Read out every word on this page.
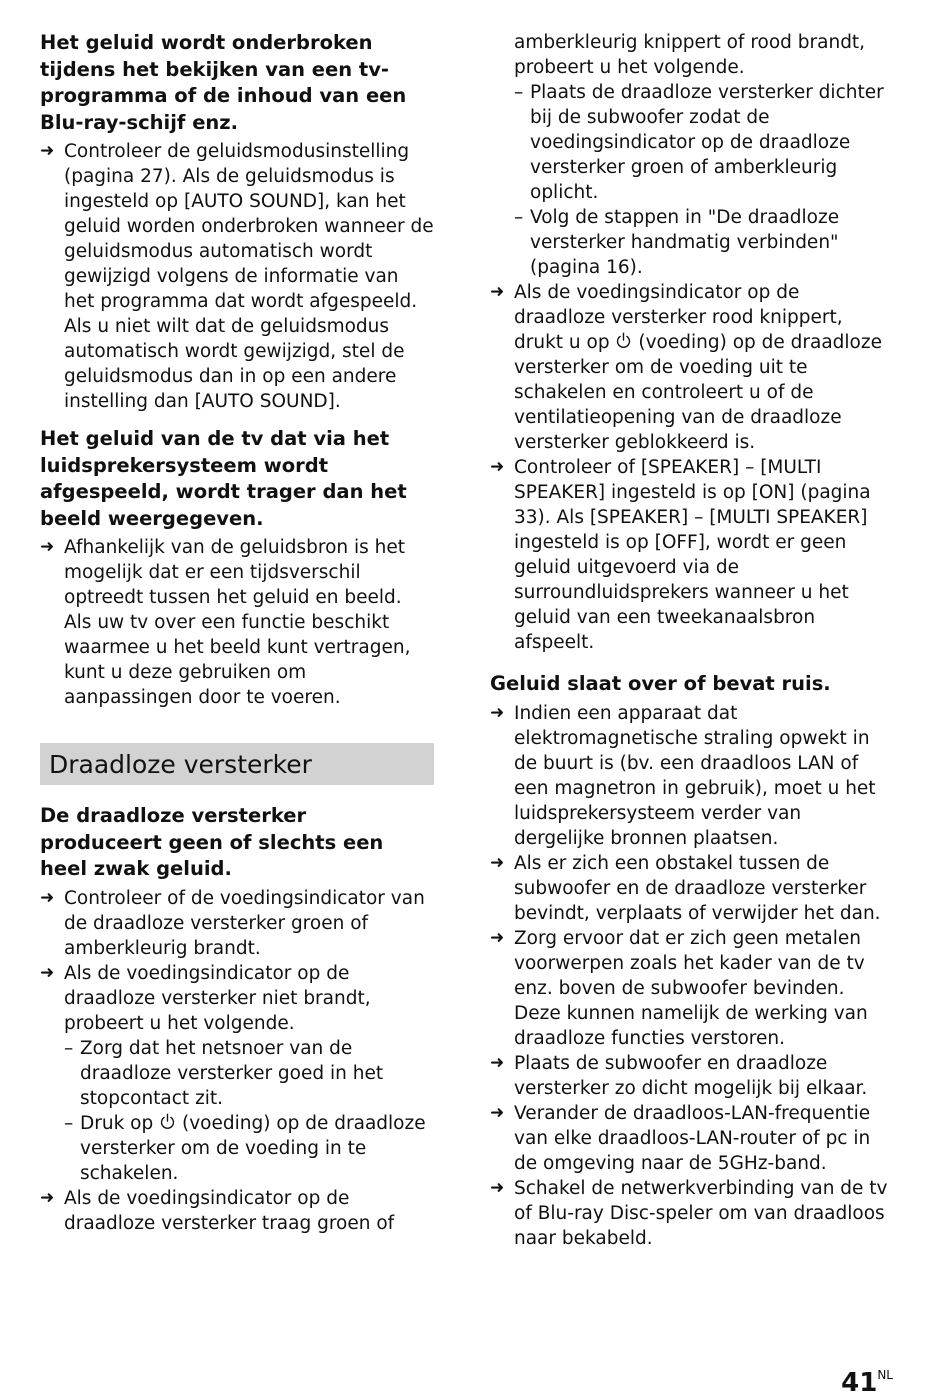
Het geluid wordt onderbroken tijdens het bekijken van een tv-programma of de inhoud van een Blu-ray-schijf enz.
➜ Controleer de geluidsmodusinstelling (pagina 27). Als de geluidsmodus is ingesteld op [AUTO SOUND], kan het geluid worden onderbroken wanneer de geluidsmodus automatisch wordt gewijzigd volgens de informatie van het programma dat wordt afgespeeld. Als u niet wilt dat de geluidsmodus automatisch wordt gewijzigd, stel de geluidsmodus dan in op een andere instelling dan [AUTO SOUND].
Het geluid van de tv dat via het luidsprekersysteem wordt afgespeeld, wordt trager dan het beeld weergegeven.
➜ Afhankelijk van de geluidsbron is het mogelijk dat er een tijdsverschil optreedt tussen het geluid en beeld. Als uw tv over een functie beschikt waarmee u het beeld kunt vertragen, kunt u deze gebruiken om aanpassingen door te voeren.
Draadloze versterker
De draadloze versterker produceert geen of slechts een heel zwak geluid.
➜ Controleer of de voedingsindicator van de draadloze versterker groen of amberkleurig brandt.
➜ Als de voedingsindicator op de draadloze versterker niet brandt, probeert u het volgende.
– Zorg dat het netsnoer van de draadloze versterker goed in het stopcontact zit.
– Druk op (voeding) op de draadloze versterker om de voeding in te schakelen.
➜ Als de voedingsindicator op de draadloze versterker traag groen of
amberkleurig knippert of rood brandt, probeert u het volgende.
– Plaats de draadloze versterker dichter bij de subwoofer zodat de voedingsindicator op de draadloze versterker groen of amberkleurig oplicht.
– Volg de stappen in "De draadloze versterker handmatig verbinden" (pagina 16).
➜ Als de voedingsindicator op de draadloze versterker rood knippert, drukt u op (voeding) op de draadloze versterker om de voeding uit te schakelen en controleert u of de ventilatieopening van de draadloze versterker geblokkeerd is.
➜ Controleer of [SPEAKER] – [MULTI SPEAKER] ingesteld is op [ON] (pagina 33). Als [SPEAKER] – [MULTI SPEAKER] ingesteld is op [OFF], wordt er geen geluid uitgevoerd via de surroundluidsprekers wanneer u het geluid van een tweekanaalsbron afspeelt.
Geluid slaat over of bevat ruis.
➜ Indien een apparaat dat elektromagnetische straling opwekt in de buurt is (bv. een draadloos LAN of een magnetron in gebruik), moet u het luidsprekersysteem verder van dergelijke bronnen plaatsen.
➜ Als er zich een obstakel tussen de subwoofer en de draadloze versterker bevindt, verplaats of verwijder het dan.
➜ Zorg ervoor dat er zich geen metalen voorwerpen zoals het kader van de tv enz. boven de subwoofer bevinden. Deze kunnen namelijk de werking van draadloze functies verstoren.
➜ Plaats de subwoofer en draadloze versterker zo dicht mogelijk bij elkaar.
➜ Verander de draadloos-LAN-frequentie van elke draadloos-LAN-router of pc in de omgeving naar de 5GHz-band.
➜ Schakel de netwerkverbinding van de tv of Blu-ray Disc-speler om van draadloos naar bekabeld.
$41^{NL}$
